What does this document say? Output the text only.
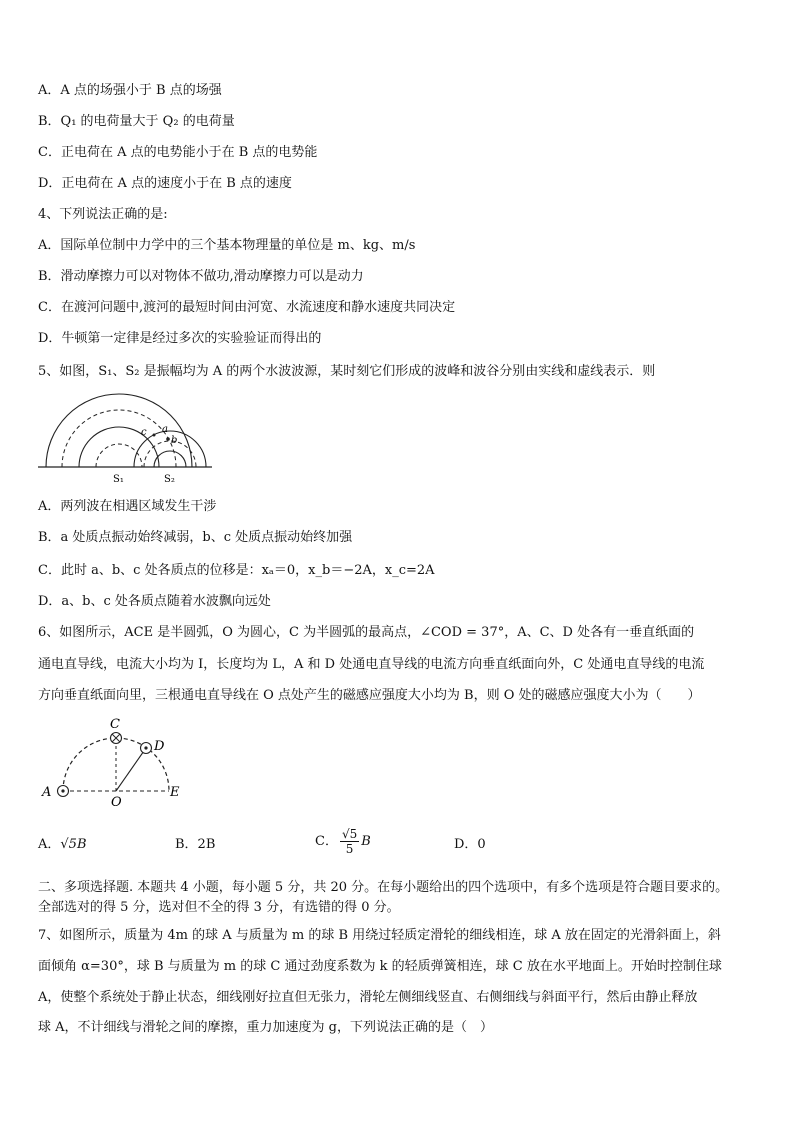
A．A 点的场强小于 B 点的场强
B．Q₁ 的电荷量大于 Q₂ 的电荷量
C．正电荷在 A 点的电势能小于在 B 点的电势能
D．正电荷在 A 点的速度小于在 B 点的速度
4、下列说法正确的是:
A．国际单位制中力学中的三个基本物理量的单位是 m、kg、m/s
B．滑动摩擦力可以对物体不做功,滑动摩擦力可以是动力
C．在渡河问题中,渡河的最短时间由河宽、水流速度和静水速度共同决定
D．牛顿第一定律是经过多次的实验验证而得出的
5、如图，S₁、S₂ 是振幅均为 A 的两个水波波源，某时刻它们形成的波峰和波谷分别由实线和虚线表示．则
a
b
c
S₁	S₂
A．两列波在相遇区域发生干涉
B．a 处质点振动始终减弱，b、c 处质点振动始终加强
C．此时 a、b、c 处各质点的位移是：xₐ＝0，x_b＝−2A，x_c=2A
D．a、b、c 处各质点随着水波飘向远处
6、如图所示，ACE 是半圆弧，O 为圆心，C 为半圆弧的最高点，∠COD = 37°，A、C、D 处各有一垂直纸面的
通电直导线，电流大小均为 I，长度均为 L，A 和 D 处通电直导线的电流方向垂直纸面向外，C 处通电直导线的电流
方向垂直纸面向里，三根通电直导线在 O 点处产生的磁感应强度大小均为 B，则 O 处的磁感应强度大小为（　　）
A
C
D
O
E
A．√5B	B．2B	C． $\frac{√5}{5}$ B	D．0
二、多项选择题. 本题共 4 小题，每小题 5 分，共 20 分。在每小题给出的四个选项中，有多个选项是符合题目要求的。
全部选对的得 5 分，选对但不全的得 3 分，有选错的得 0 分。
7、如图所示，质量为 4m 的球 A 与质量为 m 的球 B 用绕过轻质定滑轮的细线相连，球 A 放在固定的光滑斜面上，斜
面倾角 α=30°，球 B 与质量为 m 的球 C 通过劲度系数为 k 的轻质弹簧相连，球 C 放在水平地面上。开始时控制住球
A，使整个系统处于静止状态，细线刚好拉直但无张力，滑轮左侧细线竖直、右侧细线与斜面平行，然后由静止释放
球 A，不计细线与滑轮之间的摩擦，重力加速度为 g，下列说法正确的是（　）
